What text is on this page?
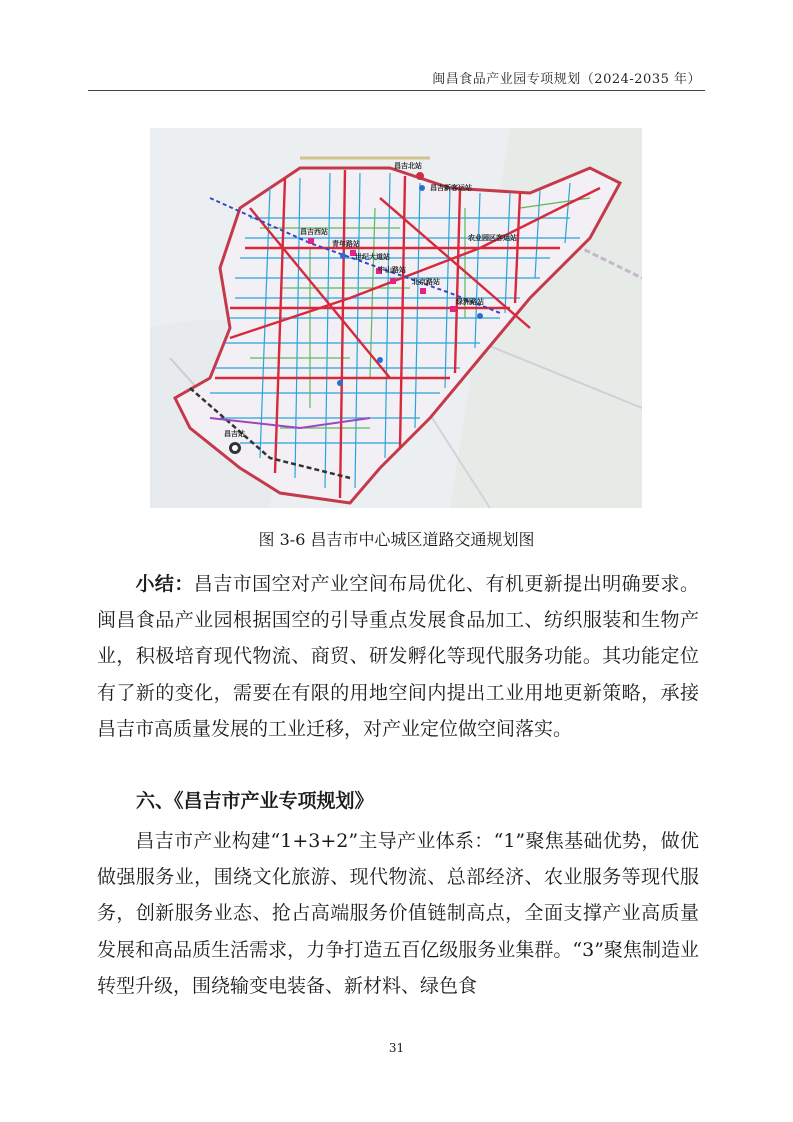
闽昌食品产业园专项规划（2024-2035 年）
昌吉北站
昌吉新客运站
昌吉西站
青年路站
世纪大道站
农业园区客运站
中山路站
北京路站
绿洲路站
昌吉站
图 3-6 昌吉市中心城区道路交通规划图
小结：昌吉市国空对产业空间布局优化、有机更新提出明确要求。闽昌食品产业园根据国空的引导重点发展食品加工、纺织服装和生物产业，积极培育现代物流、商贸、研发孵化等现代服务功能。其功能定位有了新的变化，需要在有限的用地空间内提出工业用地更新策略，承接昌吉市高质量发展的工业迁移，对产业定位做空间落实。
六、《昌吉市产业专项规划》
昌吉市产业构建“1+3+2”主导产业体系：“1”聚焦基础优势，做优做强服务业，围绕文化旅游、现代物流、总部经济、农业服务等现代服务，创新服务业态、抢占高端服务价值链制高点，全面支撑产业高质量发展和高品质生活需求，力争打造五百亿级服务业集群。“3”聚焦制造业转型升级，围绕输变电装备、新材料、绿色食
31
